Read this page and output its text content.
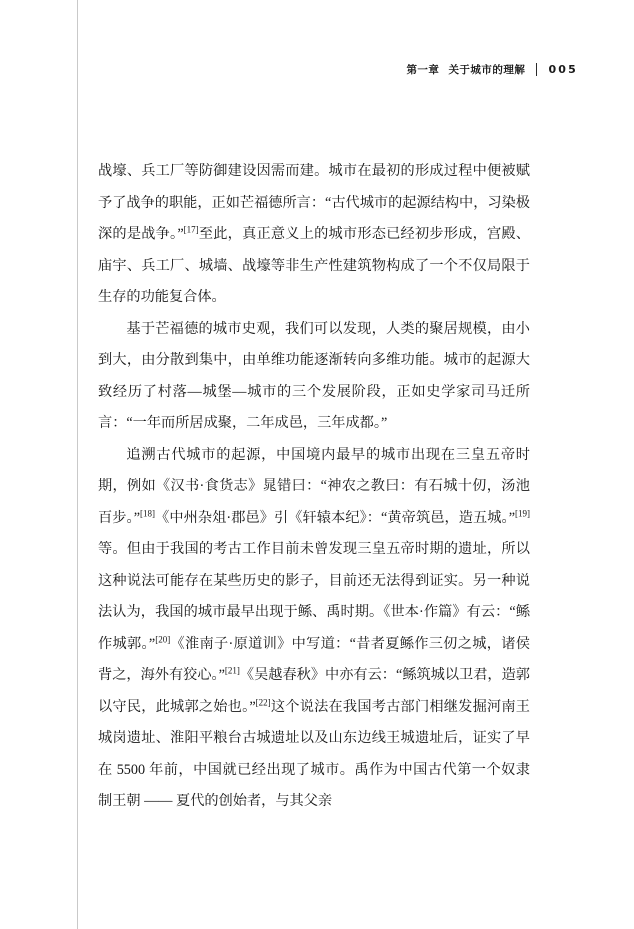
第一章 关于城市的理解 005

战壕、兵工厂等防御建设因需而建。城市在最初的形成过程中便被赋予了战争的职能，正如芒福德所言：“古代城市的起源结构中，习染极深的是战争。”[17]至此，真正意义上的城市形态已经初步形成，宫殿、庙宇、兵工厂、城墙、战壕等非生产性建筑物构成了一个不仅局限于生存的功能复合体。

基于芒福德的城市史观，我们可以发现，人类的聚居规模，由小到大，由分散到集中，由单维功能逐渐转向多维功能。城市的起源大致经历了村落—城堡—城市的三个发展阶段，正如史学家司马迁所言：“一年而所居成聚，二年成邑，三年成都。”

追溯古代城市的起源，中国境内最早的城市出现在三皇五帝时期，例如《汉书·食货志》晁错曰：“神农之教曰：有石城十仞，汤池百步。”[18]《中州杂俎·郡邑》引《轩辕本纪》：“黄帝筑邑，造五城。”[19]等。但由于我国的考古工作目前未曾发现三皇五帝时期的遗址，所以这种说法可能存在某些历史的影子，目前还无法得到证实。另一种说法认为，我国的城市最早出现于鲧、禹时期。《世本·作篇》有云：“鲧作城郭。”[20]《淮南子·原道训》中写道：“昔者夏鲧作三仞之城，诸侯背之，海外有狡心。”[21]《吴越春秋》中亦有云：“鲧筑城以卫君，造郭以守民，此城郭之始也。”[22]这个说法在我国考古部门相继发掘河南王城岗遗址、淮阳平粮台古城遗址以及山东边线王城遗址后，证实了早在 5500 年前，中国就已经出现了城市。禹作为中国古代第一个奴隶制王朝 —— 夏代的创始者，与其父亲
